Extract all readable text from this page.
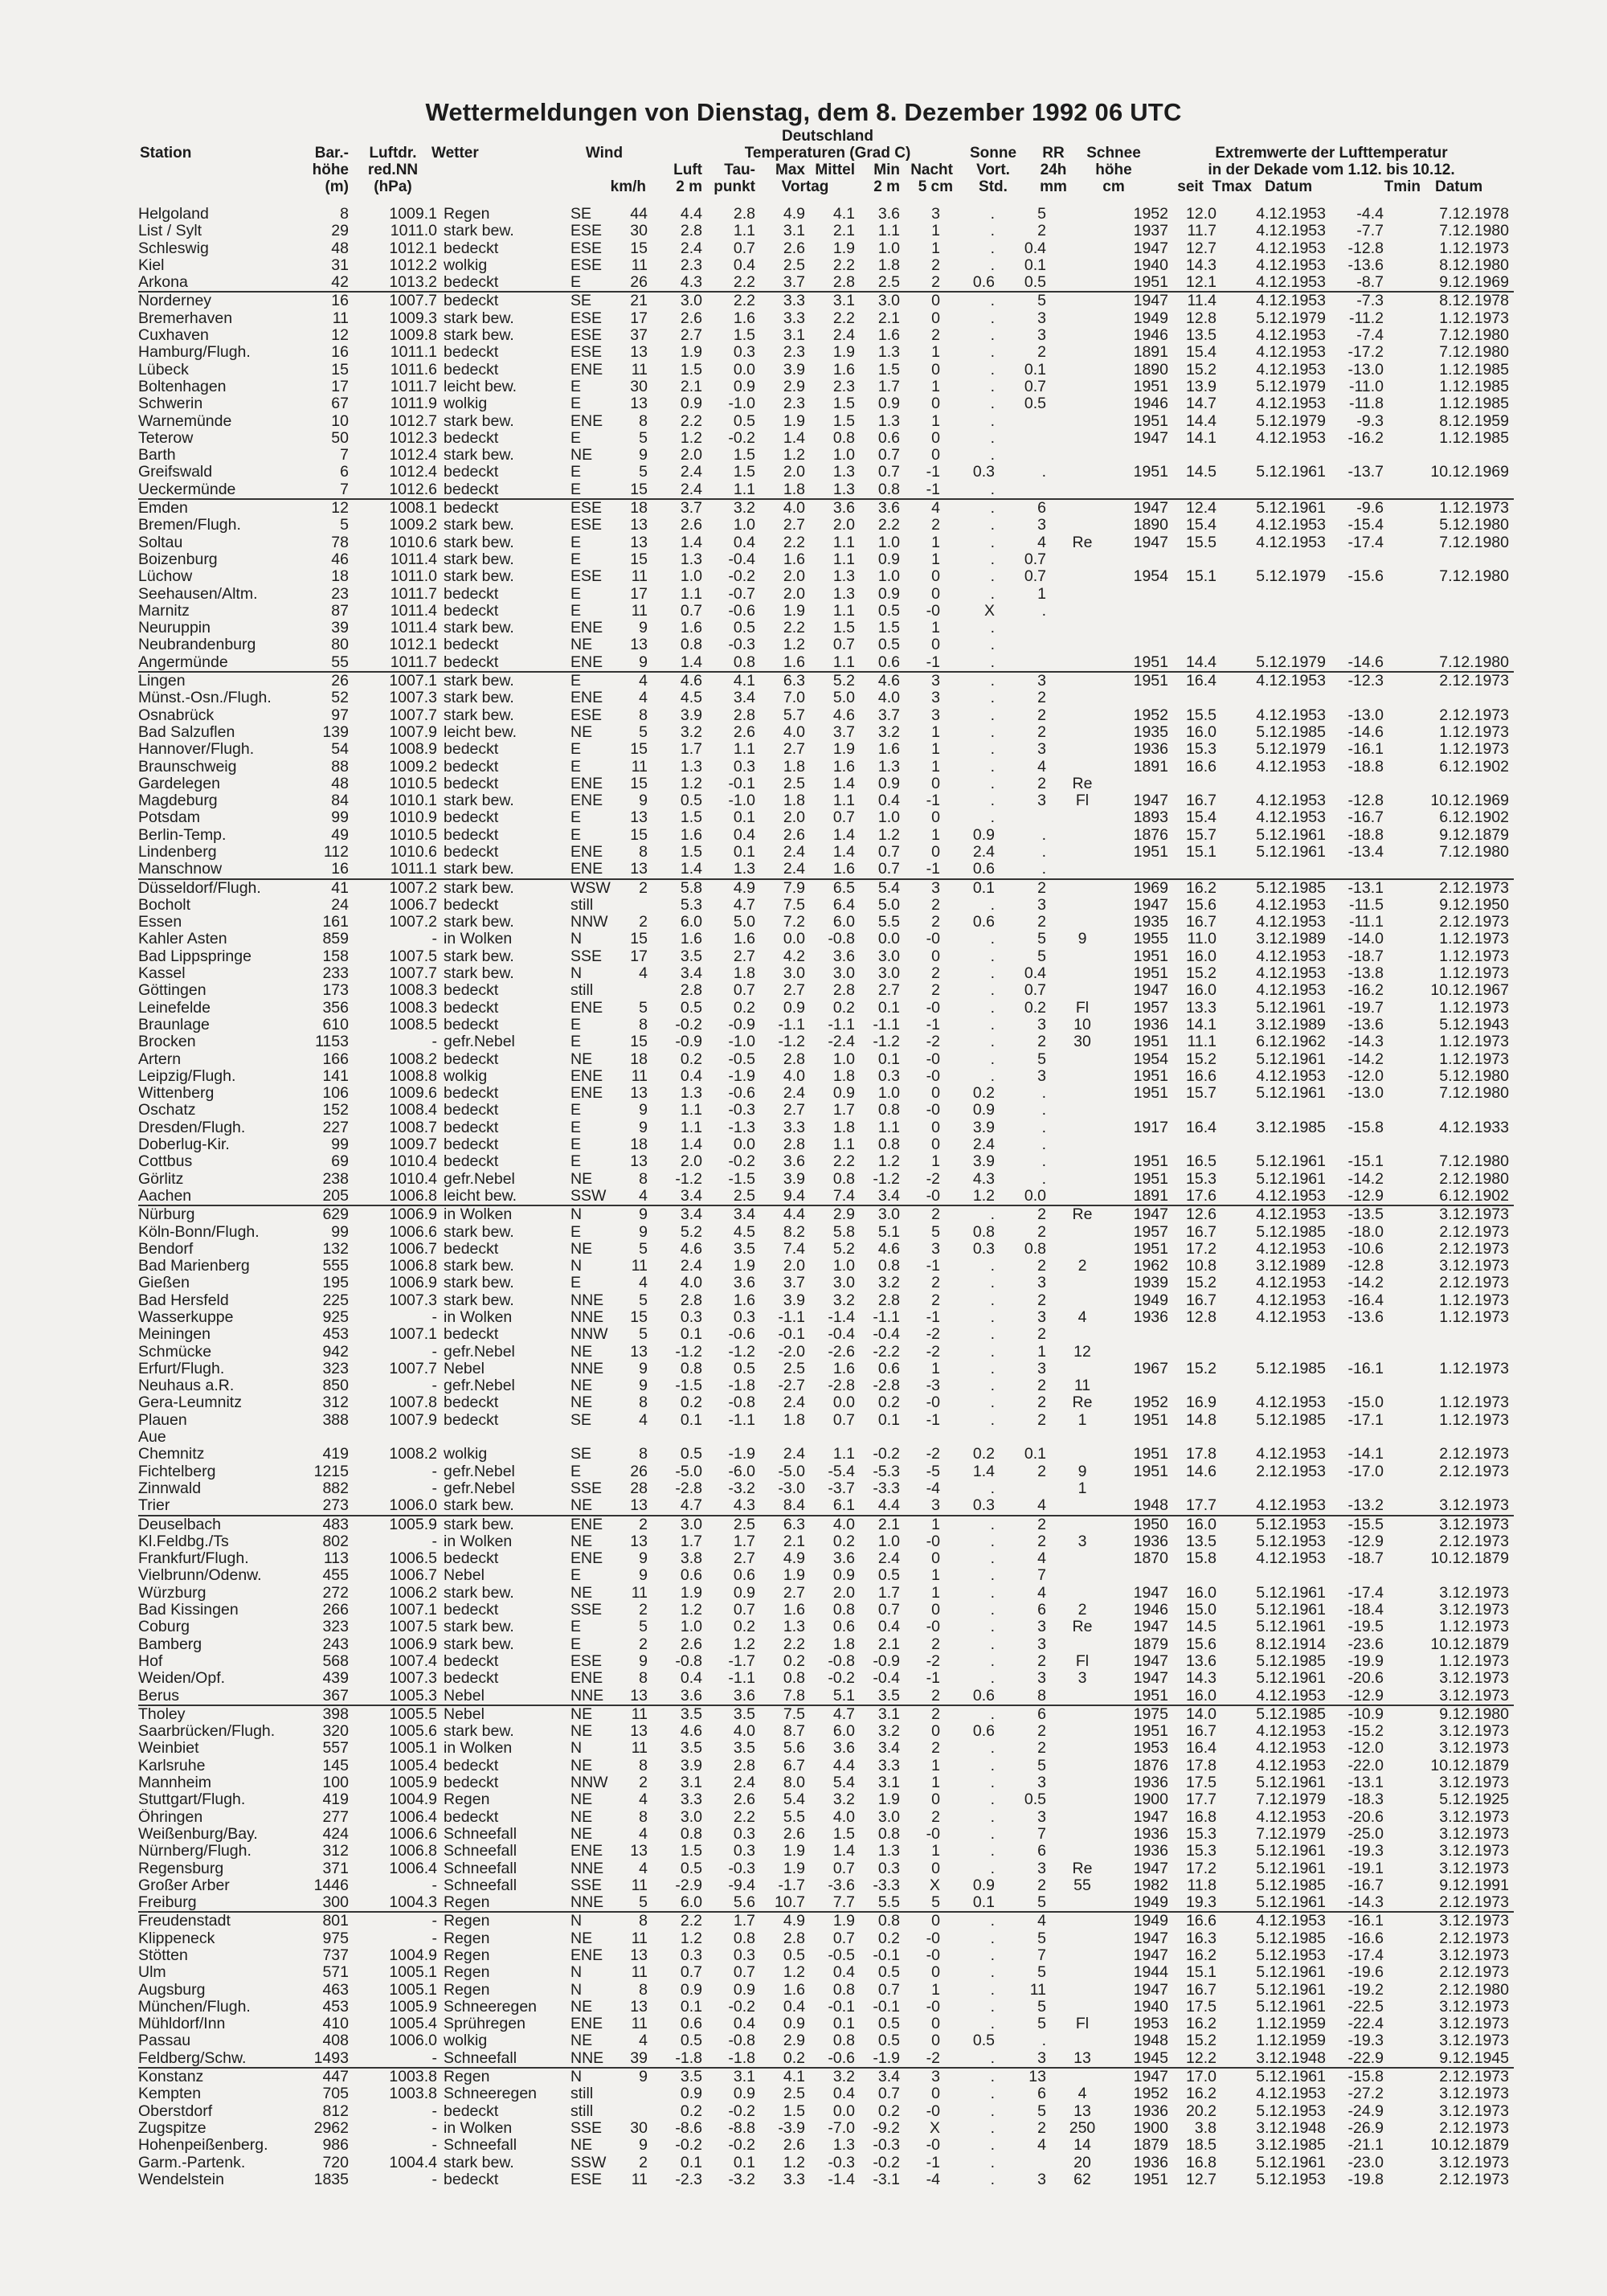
Wettermeldungen von Dienstag, dem 8. Dezember 1992 06 UTC
Deutschland
Station	Bar.-	Luftdr. Wetter	Wind	Temperaturen (Grad C)	Sonne	RR	Schnee	Extremwerte der Lufttemperatur
höhe	red.NN	Luft	Tau-	Max Mittel	Min Nacht	Vort.	24h	höhe	in der Dekade vom 1.12. bis 10.12.
(m)	(hPa)	km/h	2 m punkt	Vortag	2 m	5 cm	Std.	mm	cm	seit Tmax Datum	Tmin Datum
Helgoland	8	1009.1	Regen	SE	44	4.4	2.8	4.9	4.1	3.6	3	.	5		1952	12.0	4.12.1953	-4.4	7.12.1978
List / Sylt	29	1011.0	stark bew.	ESE	30	2.8	1.1	3.1	2.1	1.1	1	.	2		1937	11.7	4.12.1953	-7.7	7.12.1980
Schleswig	48	1012.1	bedeckt	ESE	15	2.4	0.7	2.6	1.9	1.0	1	.	0.4		1947	12.7	4.12.1953	-12.8	1.12.1973
Kiel	31	1012.2	wolkig	ESE	11	2.3	0.4	2.5	2.2	1.8	2	.	0.1		1940	14.3	4.12.1953	-13.6	8.12.1980
Arkona	42	1013.2	bedeckt	E	26	4.3	2.2	3.7	2.8	2.5	2	0.6	0.5		1951	12.1	4.12.1953	-8.7	9.12.1969
Norderney	16	1007.7	bedeckt	SE	21	3.0	2.2	3.3	3.1	3.0	0	.	5		1947	11.4	4.12.1953	-7.3	8.12.1978
Bremerhaven	11	1009.3	stark bew.	ESE	17	2.6	1.6	3.3	2.2	2.1	0	.	3		1949	12.8	5.12.1979	-11.2	1.12.1973
Cuxhaven	12	1009.8	stark bew.	ESE	37	2.7	1.5	3.1	2.4	1.6	2	.	3		1946	13.5	4.12.1953	-7.4	7.12.1980
Hamburg/Flugh.	16	1011.1	bedeckt	ESE	13	1.9	0.3	2.3	1.9	1.3	1	.	2		1891	15.4	4.12.1953	-17.2	7.12.1980
Lübeck	15	1011.6	bedeckt	ENE	11	1.5	0.0	3.9	1.6	1.5	0	.	0.1		1890	15.2	4.12.1953	-13.0	1.12.1985
Boltenhagen	17	1011.7	leicht bew.	E	30	2.1	0.9	2.9	2.3	1.7	1	.	0.7		1951	13.9	5.12.1979	-11.0	1.12.1985
Schwerin	67	1011.9	wolkig	E	13	0.9	-1.0	2.3	1.5	0.9	0	.	0.5		1946	14.7	4.12.1953	-11.8	1.12.1985
Warnemünde	10	1012.7	stark bew.	ENE	8	2.2	0.5	1.9	1.5	1.3	1	.			1951	14.4	5.12.1979	-9.3	8.12.1959
Teterow	50	1012.3	bedeckt	E	5	1.2	-0.2	1.4	0.8	0.6	0	.			1947	14.1	4.12.1953	-16.2	1.12.1985
Barth	7	1012.4	stark bew.	NE	9	2.0	1.5	1.2	1.0	0.7	0	.							
Greifswald	6	1012.4	bedeckt	E	5	2.4	1.5	2.0	1.3	0.7	-1	0.3	.		1951	14.5	5.12.1961	-13.7	10.12.1969
Ueckermünde	7	1012.6	bedeckt	E	15	2.4	1.1	1.8	1.3	0.8	-1	.							
Emden	12	1008.1	bedeckt	ESE	18	3.7	3.2	4.0	3.6	3.6	4	.	6		1947	12.4	5.12.1961	-9.6	1.12.1973
Bremen/Flugh.	5	1009.2	stark bew.	ESE	13	2.6	1.0	2.7	2.0	2.2	2	.	3		1890	15.4	4.12.1953	-15.4	5.12.1980
Soltau	78	1010.6	stark bew.	E	13	1.4	0.4	2.2	1.1	1.0	1	.	4	Re	1947	15.5	4.12.1953	-17.4	7.12.1980
Boizenburg	46	1011.4	stark bew.	E	15	1.3	-0.4	1.6	1.1	0.9	1	.	0.7						
Lüchow	18	1011.0	stark bew.	ESE	11	1.0	-0.2	2.0	1.3	1.0	0	.	0.7		1954	15.1	5.12.1979	-15.6	7.12.1980
Seehausen/Altm.	23	1011.7	bedeckt	E	17	1.1	-0.7	2.0	1.3	0.9	0	.	1						
Marnitz	87	1011.4	bedeckt	E	11	0.7	-0.6	1.9	1.1	0.5	-0	X	.						
Neuruppin	39	1011.4	stark bew.	ENE	9	1.6	0.5	2.2	1.5	1.5	1	.							
Neubrandenburg	80	1012.1	bedeckt	NE	13	0.8	-0.3	1.2	0.7	0.5	0	.							
Angermünde	55	1011.7	bedeckt	ENE	9	1.4	0.8	1.6	1.1	0.6	-1	.			1951	14.4	5.12.1979	-14.6	7.12.1980
Lingen	26	1007.1	stark bew.	E	4	4.6	4.1	6.3	5.2	4.6	3	.	3		1951	16.4	4.12.1953	-12.3	2.12.1973
Münst.-Osn./Flugh.	52	1007.3	stark bew.	ENE	4	4.5	3.4	7.0	5.0	4.0	3	.	2						
Osnabrück	97	1007.7	stark bew.	ESE	8	3.9	2.8	5.7	4.6	3.7	3	.	2		1952	15.5	4.12.1953	-13.0	2.12.1973
Bad Salzuflen	139	1007.9	leicht bew.	NE	5	3.2	2.6	4.0	3.7	3.2	1	.	2		1935	16.0	5.12.1985	-14.6	1.12.1973
Hannover/Flugh.	54	1008.9	bedeckt	E	15	1.7	1.1	2.7	1.9	1.6	1	.	3		1936	15.3	5.12.1979	-16.1	1.12.1973
Braunschweig	88	1009.2	bedeckt	E	11	1.3	0.3	1.8	1.6	1.3	1	.	4		1891	16.6	4.12.1953	-18.8	6.12.1902
Gardelegen	48	1010.5	bedeckt	ENE	15	1.2	-0.1	2.5	1.4	0.9	0	.	2	Re					
Magdeburg	84	1010.1	stark bew.	ENE	9	0.5	-1.0	1.8	1.1	0.4	-1	.	3	Fl	1947	16.7	4.12.1953	-12.8	10.12.1969
Potsdam	99	1010.9	bedeckt	E	13	1.5	0.1	2.0	0.7	1.0	0	.			1893	15.4	4.12.1953	-16.7	6.12.1902
Berlin-Temp.	49	1010.5	bedeckt	E	15	1.6	0.4	2.6	1.4	1.2	1	0.9	.		1876	15.7	5.12.1961	-18.8	9.12.1879
Lindenberg	112	1010.6	bedeckt	ENE	8	1.5	0.1	2.4	1.4	0.7	0	2.4	.		1951	15.1	5.12.1961	-13.4	7.12.1980
Manschnow	16	1011.1	stark bew.	ENE	13	1.4	1.3	2.4	1.6	0.7	-1	0.6	.						
Düsseldorf/Flugh.	41	1007.2	stark bew.	WSW	2	5.8	4.9	7.9	6.5	5.4	3	0.1	2		1969	16.2	5.12.1985	-13.1	2.12.1973
Bocholt	24	1006.7	bedeckt	still		5.3	4.7	7.5	6.4	5.0	2	.	3		1947	15.6	4.12.1953	-11.5	9.12.1950
Essen	161	1007.2	stark bew.	NNW	2	6.0	5.0	7.2	6.0	5.5	2	0.6	2		1935	16.7	4.12.1953	-11.1	2.12.1973
Kahler Asten	859	-	in Wolken	N	15	1.6	1.6	0.0	-0.8	0.0	-0	.	5	9	1955	11.0	3.12.1989	-14.0	1.12.1973
Bad Lippspringe	158	1007.5	stark bew.	SSE	17	3.5	2.7	4.2	3.6	3.0	0	.	5		1951	16.0	4.12.1953	-18.7	1.12.1973
Kassel	233	1007.7	stark bew.	N	4	3.4	1.8	3.0	3.0	3.0	2	.	0.4		1951	15.2	4.12.1953	-13.8	1.12.1973
Göttingen	173	1008.3	bedeckt	still		2.8	0.7	2.7	2.8	2.7	2	.	0.7		1947	16.0	4.12.1953	-16.2	10.12.1967
Leinefelde	356	1008.3	bedeckt	ENE	5	0.5	0.2	0.9	0.2	0.1	-0	.	0.2	Fl	1957	13.3	5.12.1961	-19.7	1.12.1973
Braunlage	610	1008.5	bedeckt	E	8	-0.2	-0.9	-1.1	-1.1	-1.1	-1	.	3	10	1936	14.1	3.12.1989	-13.6	5.12.1943
Brocken	1153	-	gefr.Nebel	E	15	-0.9	-1.0	-1.2	-2.4	-1.2	-2	.	2	30	1951	11.1	6.12.1962	-14.3	1.12.1973
Artern	166	1008.2	bedeckt	NE	18	0.2	-0.5	2.8	1.0	0.1	-0	.	5		1954	15.2	5.12.1961	-14.2	1.12.1973
Leipzig/Flugh.	141	1008.8	wolkig	ENE	11	0.4	-1.9	4.0	1.8	0.3	-0	.	3		1951	16.6	4.12.1953	-12.0	5.12.1980
Wittenberg	106	1009.6	bedeckt	ENE	13	1.3	-0.6	2.4	0.9	1.0	0	0.2	.		1951	15.7	5.12.1961	-13.0	7.12.1980
Oschatz	152	1008.4	bedeckt	E	9	1.1	-0.3	2.7	1.7	0.8	-0	0.9	.						
Dresden/Flugh.	227	1008.7	bedeckt	E	9	1.1	-1.3	3.3	1.8	1.1	0	3.9	.		1917	16.4	3.12.1985	-15.8	4.12.1933
Doberlug-Kir.	99	1009.7	bedeckt	E	18	1.4	0.0	2.8	1.1	0.8	0	2.4	.						
Cottbus	69	1010.4	bedeckt	E	13	2.0	-0.2	3.6	2.2	1.2	1	3.9	.		1951	16.5	5.12.1961	-15.1	7.12.1980
Görlitz	238	1010.4	gefr.Nebel	NE	8	-1.2	-1.5	3.9	0.8	-1.2	-2	4.3	.		1951	15.3	5.12.1961	-14.2	2.12.1980
Aachen	205	1006.8	leicht bew.	SSW	4	3.4	2.5	9.4	7.4	3.4	-0	1.2	0.0		1891	17.6	4.12.1953	-12.9	6.12.1902
Nürburg	629	1006.9	in Wolken	N	9	3.4	3.4	4.4	2.9	3.0	2	.	2	Re	1947	12.6	4.12.1953	-13.5	3.12.1973
Köln-Bonn/Flugh.	99	1006.6	stark bew.	E	9	5.2	4.5	8.2	5.8	5.1	5	0.8	2		1957	16.7	5.12.1985	-18.0	2.12.1973
Bendorf	132	1006.7	bedeckt	NE	5	4.6	3.5	7.4	5.2	4.6	3	0.3	0.8		1951	17.2	4.12.1953	-10.6	2.12.1973
Bad Marienberg	555	1006.8	stark bew.	N	11	2.4	1.9	2.0	1.0	0.8	-1	.	2	2	1962	10.8	3.12.1989	-12.8	3.12.1973
Gießen	195	1006.9	stark bew.	E	4	4.0	3.6	3.7	3.0	3.2	2	.	3		1939	15.2	4.12.1953	-14.2	2.12.1973
Bad Hersfeld	225	1007.3	stark bew.	NNE	5	2.8	1.6	3.9	3.2	2.8	2	.	2		1949	16.7	4.12.1953	-16.4	1.12.1973
Wasserkuppe	925	-	in Wolken	NNE	15	0.3	0.3	-1.1	-1.4	-1.1	-1	.	3	4	1936	12.8	4.12.1953	-13.6	1.12.1973
Meiningen	453	1007.1	bedeckt	NNW	5	0.1	-0.6	-0.1	-0.4	-0.4	-2	.	2						
Schmücke	942	-	gefr.Nebel	NE	13	-1.2	-1.2	-2.0	-2.6	-2.2	-2	.	1	12					
Erfurt/Flugh.	323	1007.7	Nebel	NNE	9	0.8	0.5	2.5	1.6	0.6	1	.	3		1967	15.2	5.12.1985	-16.1	1.12.1973
Neuhaus a.R.	850	-	gefr.Nebel	NE	9	-1.5	-1.8	-2.7	-2.8	-2.8	-3	.	2	11					
Gera-Leumnitz	312	1007.8	bedeckt	NE	8	0.2	-0.8	2.4	0.0	0.2	-0	.	2	Re	1952	16.9	4.12.1953	-15.0	1.12.1973
Plauen	388	1007.9	bedeckt	SE	4	0.1	-1.1	1.8	0.7	0.1	-1	.	2	1	1951	14.8	5.12.1985	-17.1	1.12.1973
Aue																			
Chemnitz	419	1008.2	wolkig	SE	8	0.5	-1.9	2.4	1.1	-0.2	-2	0.2	0.1		1951	17.8	4.12.1953	-14.1	2.12.1973
Fichtelberg	1215	-	gefr.Nebel	E	26	-5.0	-6.0	-5.0	-5.4	-5.3	-5	1.4	2	9	1951	14.6	2.12.1953	-17.0	2.12.1973
Zinnwald	882	-	gefr.Nebel	SSE	28	-2.8	-3.2	-3.0	-3.7	-3.3	-4	.		1					
Trier	273	1006.0	stark bew.	NE	13	4.7	4.3	8.4	6.1	4.4	3	0.3	4		1948	17.7	4.12.1953	-13.2	3.12.1973
Deuselbach	483	1005.9	stark bew.	ENE	2	3.0	2.5	6.3	4.0	2.1	1	.	2		1950	16.0	5.12.1953	-15.5	3.12.1973
Kl.Feldbg./Ts	802	-	in Wolken	NE	13	1.7	1.7	2.1	0.2	1.0	-0	.	2	3	1936	13.5	5.12.1953	-12.9	2.12.1973
Frankfurt/Flugh.	113	1006.5	bedeckt	ENE	9	3.8	2.7	4.9	3.6	2.4	0	.	4		1870	15.8	4.12.1953	-18.7	10.12.1879
Vielbrunn/Odenw.	455	1006.7	Nebel	E	9	0.6	0.6	1.9	0.9	0.5	1	.	7						
Würzburg	272	1006.2	stark bew.	NE	11	1.9	0.9	2.7	2.0	1.7	1	.	4		1947	16.0	5.12.1961	-17.4	3.12.1973
Bad Kissingen	266	1007.1	bedeckt	SSE	2	1.2	0.7	1.6	0.8	0.7	0	.	6	2	1946	15.0	5.12.1961	-18.4	3.12.1973
Coburg	323	1007.5	stark bew.	E	5	1.0	0.2	1.3	0.6	0.4	-0	.	3	Re	1947	14.5	5.12.1961	-19.5	1.12.1973
Bamberg	243	1006.9	stark bew.	E	2	2.6	1.2	2.2	1.8	2.1	2	.	3		1879	15.6	8.12.1914	-23.6	10.12.1879
Hof	568	1007.4	bedeckt	ESE	9	-0.8	-1.7	0.2	-0.8	-0.9	-2	.	2	Fl	1947	13.6	5.12.1985	-19.9	1.12.1973
Weiden/Opf.	439	1007.3	bedeckt	ENE	8	0.4	-1.1	0.8	-0.2	-0.4	-1	.	3	3	1947	14.3	5.12.1961	-20.6	3.12.1973
Berus	367	1005.3	Nebel	NNE	13	3.6	3.6	7.8	5.1	3.5	2	0.6	8		1951	16.0	4.12.1953	-12.9	3.12.1973
Tholey	398	1005.5	Nebel	NE	11	3.5	3.5	7.5	4.7	3.1	2	.	6		1975	14.0	5.12.1985	-10.9	9.12.1980
Saarbrücken/Flugh.	320	1005.6	stark bew.	NE	13	4.6	4.0	8.7	6.0	3.2	0	0.6	2		1951	16.7	4.12.1953	-15.2	3.12.1973
Weinbiet	557	1005.1	in Wolken	N	11	3.5	3.5	5.6	3.6	3.4	2	.	2		1953	16.4	4.12.1953	-12.0	3.12.1973
Karlsruhe	145	1005.4	bedeckt	NE	8	3.9	2.8	6.7	4.4	3.3	1	.	5		1876	17.8	4.12.1953	-22.0	10.12.1879
Mannheim	100	1005.9	bedeckt	NNW	2	3.1	2.4	8.0	5.4	3.1	1	.	3		1936	17.5	5.12.1961	-13.1	3.12.1973
Stuttgart/Flugh.	419	1004.9	Regen	NE	4	3.3	2.6	5.4	3.2	1.9	0	.	0.5		1900	17.7	7.12.1979	-18.3	5.12.1925
Öhringen	277	1006.4	bedeckt	NE	8	3.0	2.2	5.5	4.0	3.0	2	.	3		1947	16.8	4.12.1953	-20.6	3.12.1973
Weißenburg/Bay.	424	1006.6	Schneefall	NE	4	0.8	0.3	2.6	1.5	0.8	-0	.	7		1936	15.3	7.12.1979	-25.0	3.12.1973
Nürnberg/Flugh.	312	1006.8	Schneefall	ENE	13	1.5	0.3	1.9	1.4	1.3	1	.	6		1936	15.3	5.12.1961	-19.3	3.12.1973
Regensburg	371	1006.4	Schneefall	NNE	4	0.5	-0.3	1.9	0.7	0.3	0	.	3	Re	1947	17.2	5.12.1961	-19.1	3.12.1973
Großer Arber	1446	-	Schneefall	SSE	11	-2.9	-9.4	-1.7	-3.6	-3.3	X	0.9	2	55	1982	11.8	5.12.1985	-16.7	9.12.1991
Freiburg	300	1004.3	Regen	NNE	5	6.0	5.6	10.7	7.7	5.5	5	0.1	5		1949	19.3	5.12.1961	-14.3	2.12.1973
Freudenstadt	801	-	Regen	N	8	2.2	1.7	4.9	1.9	0.8	0	.	4		1949	16.6	4.12.1953	-16.1	3.12.1973
Klippeneck	975	-	Regen	NE	11	1.2	0.8	2.8	0.7	0.2	-0	.	5		1947	16.3	5.12.1985	-16.6	2.12.1973
Stötten	737	1004.9	Regen	ENE	13	0.3	0.3	0.5	-0.5	-0.1	-0	.	7		1947	16.2	5.12.1953	-17.4	3.12.1973
Ulm	571	1005.1	Regen	N	11	0.7	0.7	1.2	0.4	0.5	0	.	5		1944	15.1	5.12.1961	-19.6	2.12.1973
Augsburg	463	1005.1	Regen	N	8	0.9	0.9	1.6	0.8	0.7	1	.	11		1947	16.7	5.12.1961	-19.2	2.12.1980
München/Flugh.	453	1005.9	Schneeregen	NE	13	0.1	-0.2	0.4	-0.1	-0.1	-0	.	5		1940	17.5	5.12.1961	-22.5	3.12.1973
Mühldorf/Inn	410	1005.4	Sprühregen	ENE	11	0.6	0.4	0.9	0.1	0.5	0	.	5	Fl	1953	16.2	1.12.1959	-22.4	3.12.1973
Passau	408	1006.0	wolkig	NE	4	0.5	-0.8	2.9	0.8	0.5	0	0.5	.		1948	15.2	1.12.1959	-19.3	3.12.1973
Feldberg/Schw.	1493	-	Schneefall	NNE	39	-1.8	-1.8	0.2	-0.6	-1.9	-2	.	3	13	1945	12.2	3.12.1948	-22.9	9.12.1945
Konstanz	447	1003.8	Regen	N	9	3.5	3.1	4.1	3.2	3.4	3	.	13		1947	17.0	5.12.1961	-15.8	2.12.1973
Kempten	705	1003.8	Schneeregen	still		0.9	0.9	2.5	0.4	0.7	0	.	6	4	1952	16.2	4.12.1953	-27.2	3.12.1973
Oberstdorf	812	-	bedeckt	still		0.2	-0.2	1.5	0.0	0.2	-0	.	5	13	1936	20.2	5.12.1953	-24.9	3.12.1973
Zugspitze	2962	-	in Wolken	SSE	30	-8.6	-8.8	-3.9	-7.0	-9.2	X	.	2	250	1900	3.8	3.12.1948	-26.9	2.12.1973
Hohenpeißenberg.	986	-	Schneefall	NE	9	-0.2	-0.2	2.6	1.3	-0.3	-0	.	4	14	1879	18.5	3.12.1985	-21.1	10.12.1879
Garm.-Partenk.	720	1004.4	stark bew.	SSW	2	0.1	0.1	1.2	-0.3	-0.2	-1	.		20	1936	16.8	5.12.1961	-23.0	3.12.1973
Wendelstein	1835	-	bedeckt	ESE	11	-2.3	-3.2	3.3	-1.4	-3.1	-4	.	3	62	1951	12.7	5.12.1953	-19.8	2.12.1973
